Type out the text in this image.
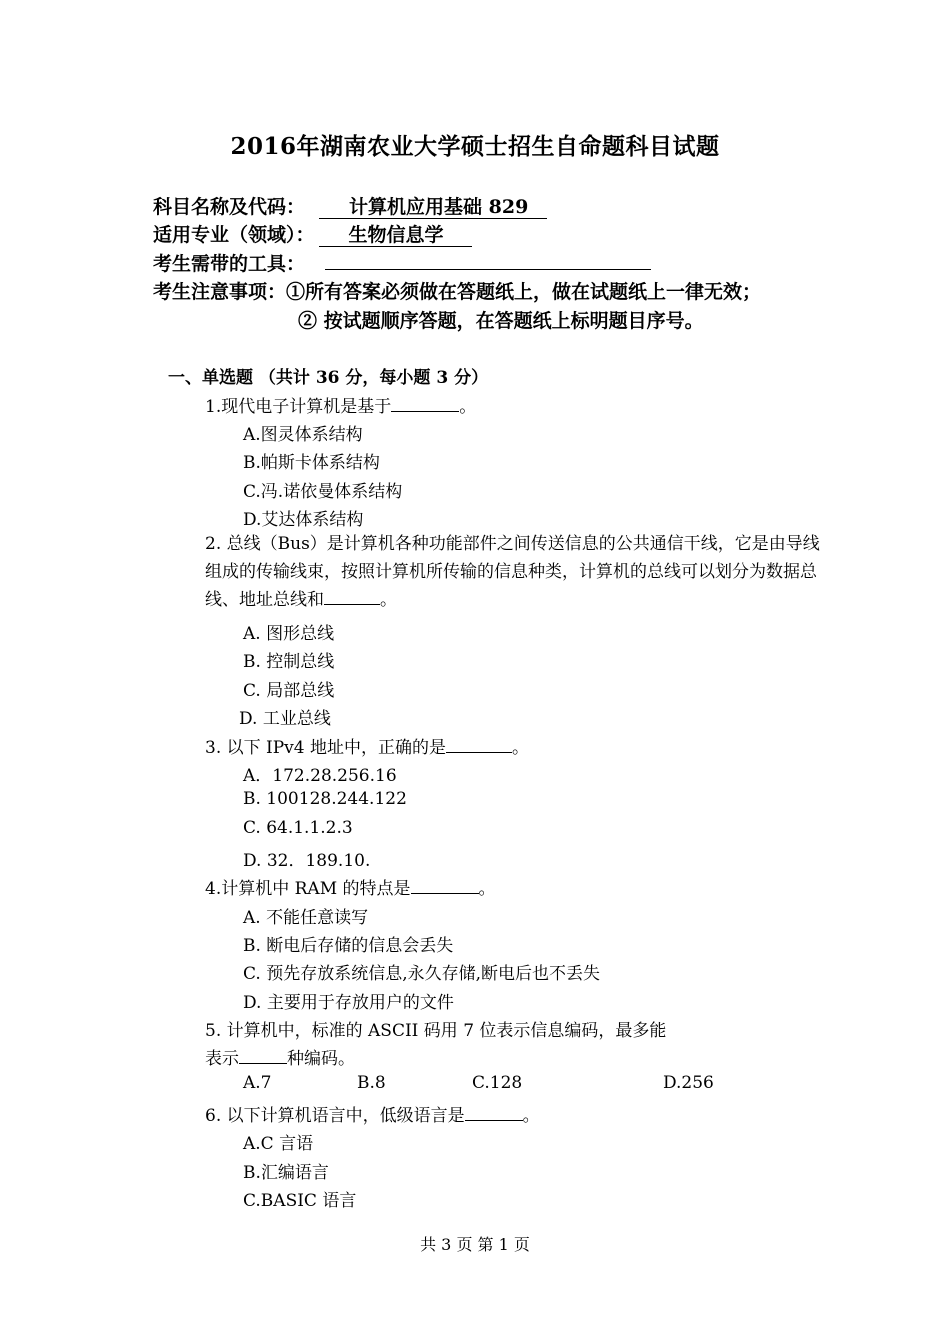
2016年湖南农业大学硕士招生自命题科目试题
科目名称及代码： 计算机应用基础 829
适用专业（领域）： 生物信息学
考生需带的工具：
考生注意事项：①所有答案必须做在答题纸上，做在试题纸上一律无效；
② 按试题顺序答题，在答题纸上标明题目序号。
一、单选题 （共计 36 分，每小题 3 分）
1.现代电子计算机是基于	。
A.图灵体系结构
B.帕斯卡体系结构
C.冯.诺依曼体系结构
D.艾达体系结构
2. 总线（Bus）是计算机各种功能部件之间传送信息的公共通信干线，它是由导线组成的传输线束，按照计算机所传输的信息种类，计算机的总线可以划分为数据总线、地址总线和	。
A. 图形总线
B. 控制总线
C. 局部总线
D. 工业总线
3. 以下 IPv4 地址中，正确的是	。
A．172.28.256.16
B. 100128.244.122
C. 64.1.1.2.3
D. 32．189.10.
4.计算机中 RAM 的特点是	。
A. 不能任意读写
B. 断电后存储的信息会丢失
C. 预先存放系统信息,永久存储,断电后也不丢失
D. 主要用于存放用户的文件
5. 计算机中，标准的 ASCII 码用 7 位表示信息编码，最多能
表示	种编码。
A.7	B.8	C.128	D.256
6. 以下计算机语言中，低级语言是	。
A.C 言语
B.汇编语言
C.BASIC 语言
共 3 页 第 1 页
